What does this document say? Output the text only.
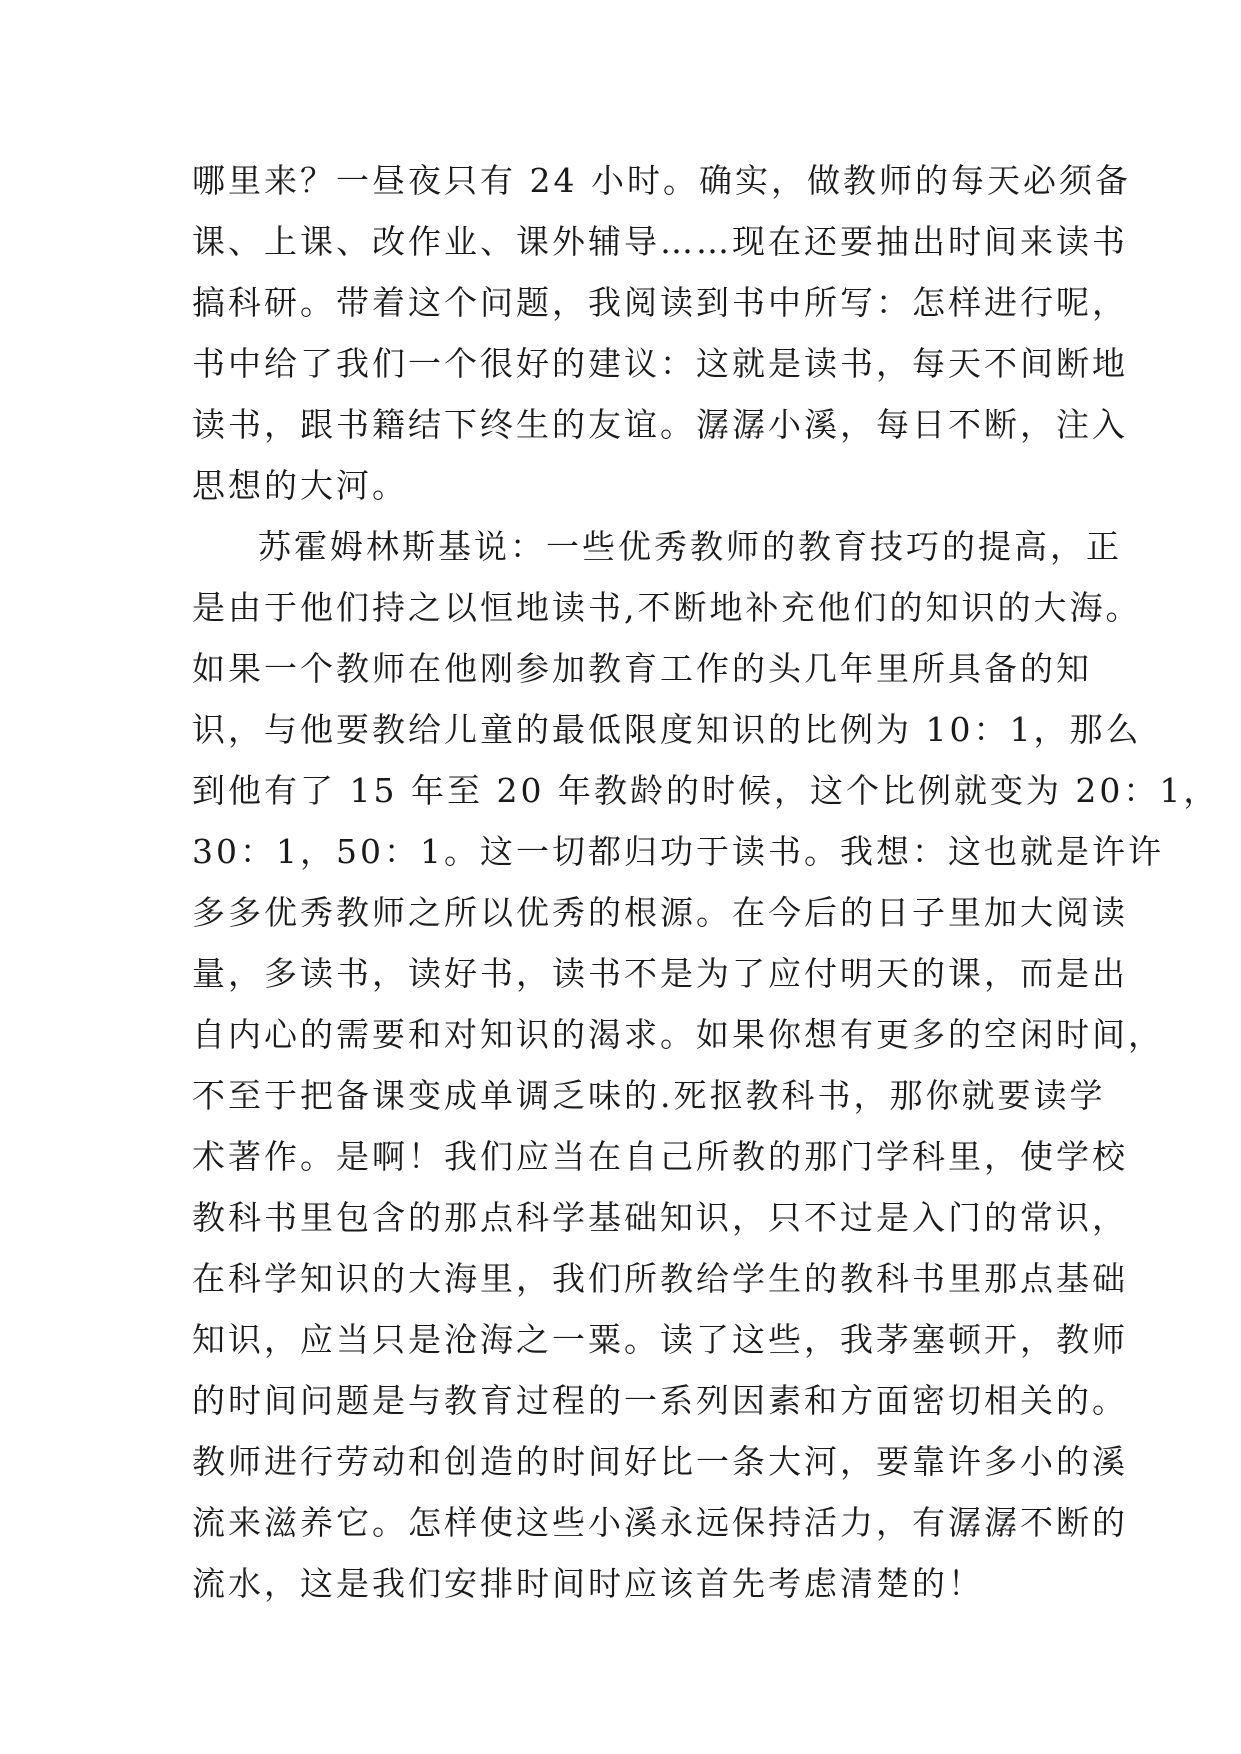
哪里来？一昼夜只有 24 小时。确实，做教师的每天必须备
课、上课、改作业、课外辅导……现在还要抽出时间来读书
搞科研。带着这个问题，我阅读到书中所写：怎样进行呢，
书中给了我们一个很好的建议：这就是读书，每天不间断地
读书，跟书籍结下终生的友谊。潺潺小溪，每日不断，注入
思想的大河。
苏霍姆林斯基说：一些优秀教师的教育技巧的提高，正
是由于他们持之以恒地读书,不断地补充他们的知识的大海。
如果一个教师在他刚参加教育工作的头几年里所具备的知
识，与他要教给儿童的最低限度知识的比例为 10：1，那么
到他有了 15 年至 20 年教龄的时候，这个比例就变为 20：1，
30：1，50：1。这一切都归功于读书。我想：这也就是许许
多多优秀教师之所以优秀的根源。在今后的日子里加大阅读
量，多读书，读好书，读书不是为了应付明天的课，而是出
自内心的需要和对知识的渴求。如果你想有更多的空闲时间，
不至于把备课变成单调乏味的.死抠教科书，那你就要读学
术著作。是啊！我们应当在自己所教的那门学科里，使学校
教科书里包含的那点科学基础知识，只不过是入门的常识，
在科学知识的大海里，我们所教给学生的教科书里那点基础
知识，应当只是沧海之一粟。读了这些，我茅塞顿开，教师
的时间问题是与教育过程的一系列因素和方面密切相关的。
教师进行劳动和创造的时间好比一条大河，要靠许多小的溪
流来滋养它。怎样使这些小溪永远保持活力，有潺潺不断的
流水，这是我们安排时间时应该首先考虑清楚的！
